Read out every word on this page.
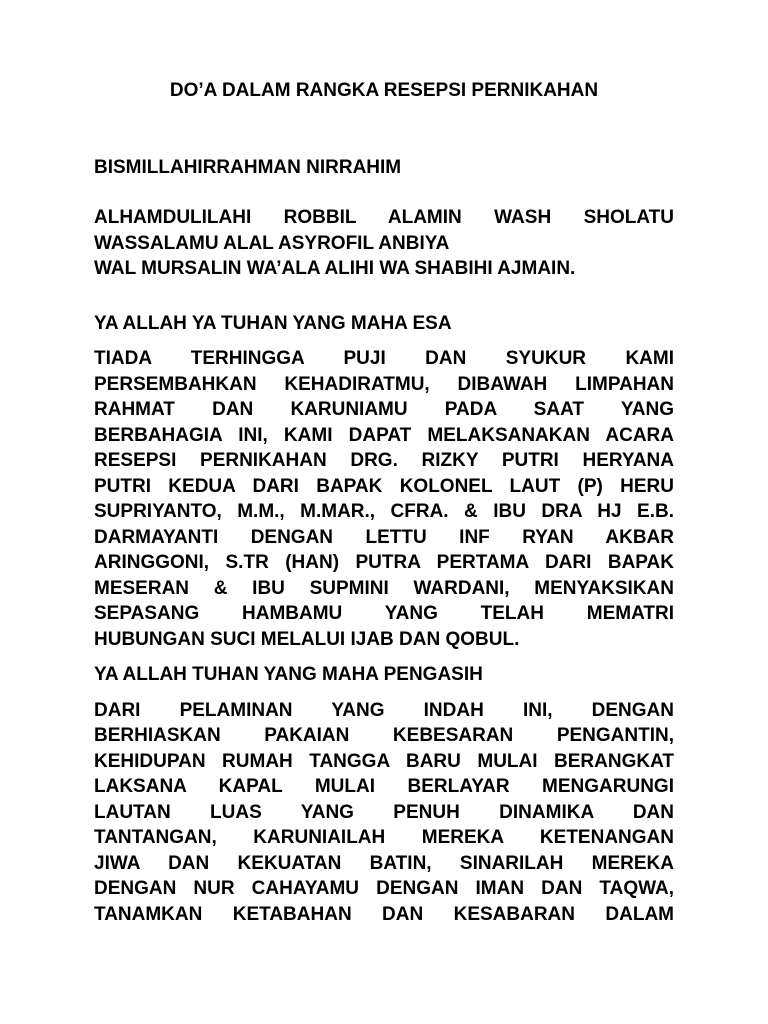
DO’A DALAM RANGKA RESEPSI PERNIKAHAN
BISMILLAHIRRAHMAN NIRRAHIM
ALHAMDULILAHI ROBBIL ALAMIN WASH SHOLATU
WASSALAMU ALAL ASYROFIL ANBIYA
WAL MURSALIN WA’ALA ALIHI WA SHABIHI AJMAIN.
YA ALLAH YA TUHAN YANG MAHA ESA
TIADA TERHINGGA PUJI DAN SYUKUR KAMI
PERSEMBAHKAN KEHADIRATMU, DIBAWAH LIMPAHAN
RAHMAT DAN KARUNIAMU PADA SAAT YANG
BERBAHAGIA INI, KAMI DAPAT MELAKSANAKAN ACARA
RESEPSI PERNIKAHAN DRG. RIZKY PUTRI HERYANA
PUTRI KEDUA DARI BAPAK KOLONEL LAUT (P) HERU
SUPRIYANTO, M.M., M.MAR., CFRA. & IBU DRA HJ E.B.
DARMAYANTI DENGAN LETTU INF RYAN AKBAR
ARINGGONI, S.TR (HAN) PUTRA PERTAMA DARI BAPAK
MESERAN & IBU SUPMINI WARDANI, MENYAKSIKAN
SEPASANG HAMBAMU YANG TELAH MEMATRI
HUBUNGAN SUCI MELALUI IJAB DAN QOBUL.
YA ALLAH TUHAN YANG MAHA PENGASIH
DARI PELAMINAN YANG INDAH INI, DENGAN
BERHIASKAN PAKAIAN KEBESARAN PENGANTIN,
KEHIDUPAN RUMAH TANGGA BARU MULAI BERANGKAT
LAKSANA KAPAL MULAI BERLAYAR MENGARUNGI
LAUTAN LUAS YANG PENUH DINAMIKA DAN
TANTANGAN, KARUNIAILAH MEREKA KETENANGAN
JIWA DAN KEKUATAN BATIN, SINARILAH MEREKA
DENGAN NUR CAHAYAMU DENGAN IMAN DAN TAQWA,
TANAMKAN KETABAHAN DAN KESABARAN DALAM
